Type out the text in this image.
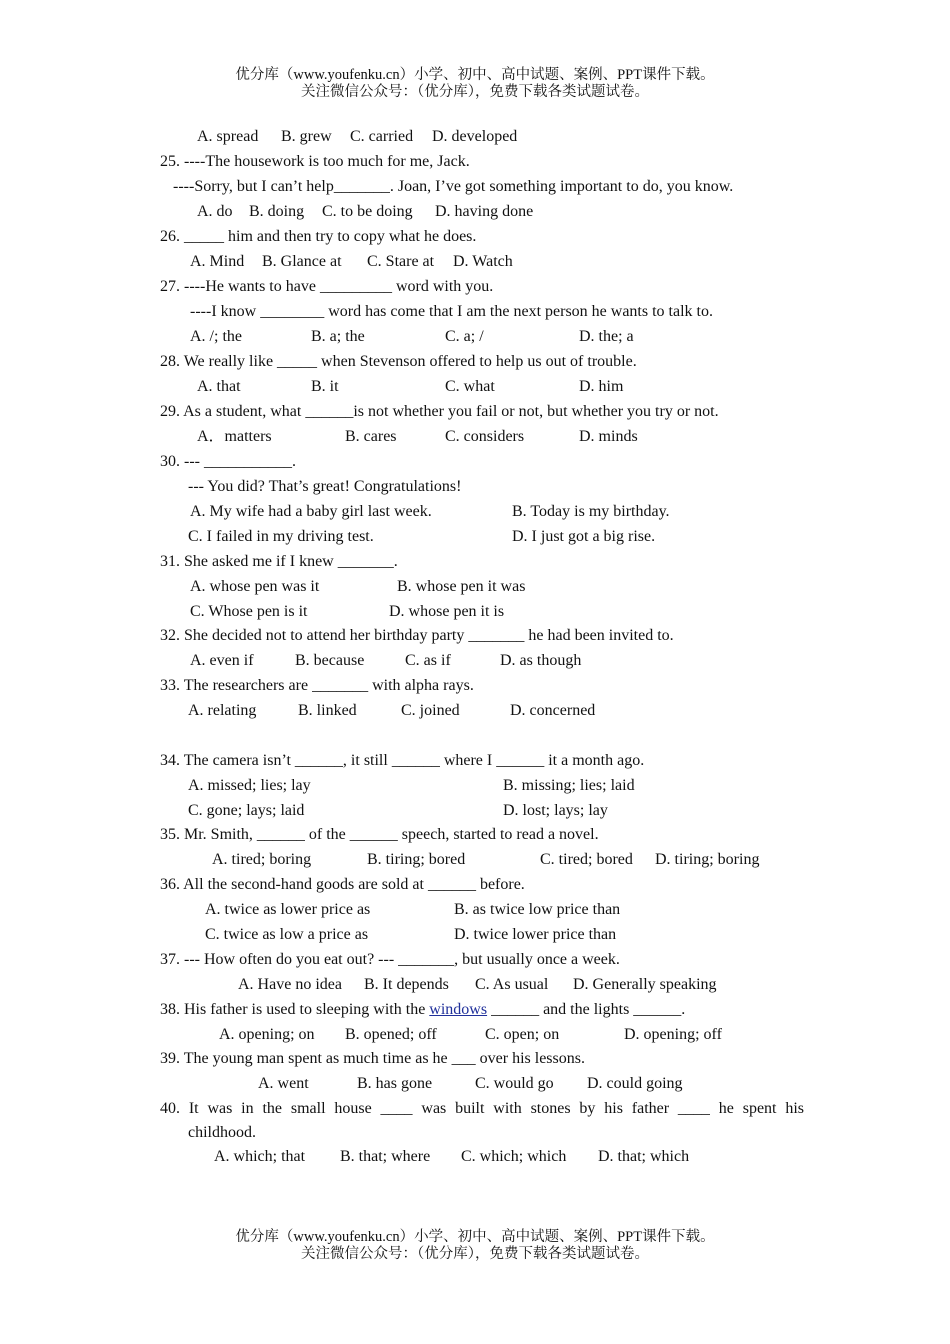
优分库（www.youfenku.cn）小学、初中、高中试题、案例、PPT课件下载。
关注微信公众号：（优分库），免费下载各类试题试卷。
A. spread B. grew C. carried D. developed
25. ----The housework is too much for me, Jack.
----Sorry, but I can’t help_______. Joan, I’ve got something important to do, you know.
A. do B. doing C. to be doing D. having done
26. _____ him and then try to copy what he does.
A. Mind B. Glance at C. Stare at D. Watch
27. ----He wants to have _________ word with you.
----I know ________ word has come that I am the next person he wants to talk to.
A. /; the	B. a; the	C. a; /	D. the; a
28. We really like _____ when Stevenson offered to help us out of trouble.
A. that	B. it	C. what	D. him
29. As a student, what ______is not whether you fail or not, but whether you try or not.
A．matters	B. cares	C. considers	D. minds
30. --- ___________.
--- You did? That’s great! Congratulations!
A. My wife had a baby girl last week.	B. Today is my birthday.
C. I failed in my driving test.	D. I just got a big rise.
31. She asked me if I knew _______.
A. whose pen was it	B. whose pen it was
C. Whose pen is it	D. whose pen it is
32. She decided not to attend her birthday party _______ he had been invited to.
A. even if	B. because	C. as if	D. as though
33. The researchers are _______ with alpha rays.
A. relating	B. linked	C. joined	D. concerned
34. The camera isn’t ______, it still ______ where I ______ it a month ago.
A. missed; lies; lay	B. missing; lies; laid
C. gone; lays; laid	D. lost; lays; lay
35. Mr. Smith, ______ of the ______ speech, started to read a novel.
A. tired; boring	B. tiring; bored	C. tired; bored D. tiring; boring
36. All the second-hand goods are sold at ______ before.
A. twice as lower price as	B. as twice low price than
C. twice as low a price as	D. twice lower price than
37. --- How often do you eat out? --- _______, but usually once a week.
A. Have no idea B. It depends C. As usual D. Generally speaking
38. His father is used to sleeping with the windows ______ and the lights ______.
A. opening; on B. opened; off	C. open; on	D. opening; off
39. The young man spent as much time as he ___ over his lessons.
A. went	B. has gone	C. would go D. could going
40. It was in the small house ____ was built with stones by his father ____ he spent his
childhood.
A. which; that B. that; where C. which; which D. that; which
优分库（www.youfenku.cn）小学、初中、高中试题、案例、PPT课件下载。
关注微信公众号：（优分库），免费下载各类试题试卷。
